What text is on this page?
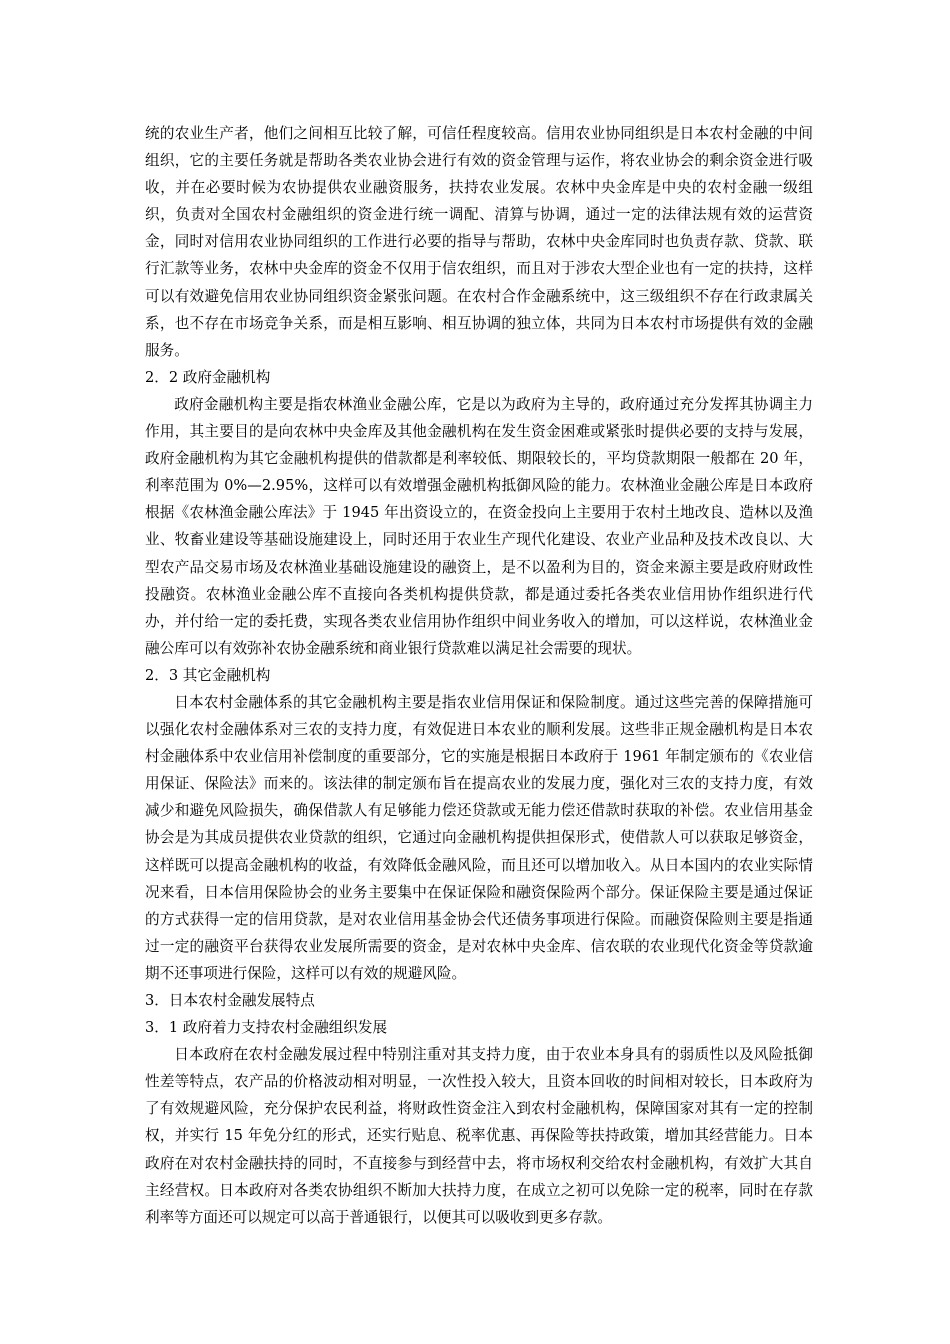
统的农业生产者，他们之间相互比较了解，可信任程度较高。信用农业协同组织是日本农村金融的中间组织，它的主要任务就是帮助各类农业协会进行有效的资金管理与运作，将农业协会的剩余资金进行吸收，并在必要时候为农协提供农业融资服务，扶持农业发展。农林中央金库是中央的农村金融一级组织，负责对全国农村金融组织的资金进行统一调配、清算与协调，通过一定的法律法规有效的运营资金，同时对信用农业协同组织的工作进行必要的指导与帮助，农林中央金库同时也负责存款、贷款、联行汇款等业务，农林中央金库的资金不仅用于信农组织，而且对于涉农大型企业也有一定的扶持，这样可以有效避免信用农业协同组织资金紧张问题。在农村合作金融系统中，这三级组织不存在行政隶属关系，也不存在市场竞争关系，而是相互影响、相互协调的独立体，共同为日本农村市场提供有效的金融服务。

2．2 政府金融机构

政府金融机构主要是指农林渔业金融公库，它是以为政府为主导的，政府通过充分发挥其协调主力作用，其主要目的是向农林中央金库及其他金融机构在发生资金困难或紧张时提供必要的支持与发展，政府金融机构为其它金融机构提供的借款都是利率较低、期限较长的，平均贷款期限一般都在 20 年，利率范围为 0%—2.95%，这样可以有效增强金融机构抵御风险的能力。农林渔业金融公库是日本政府根据《农林渔金融公库法》于 1945 年出资设立的，在资金投向上主要用于农村土地改良、造林以及渔业、牧畜业建设等基础设施建设上，同时还用于农业生产现代化建设、农业产业品种及技术改良以、大型农产品交易市场及农林渔业基础设施建设的融资上，是不以盈利为目的，资金来源主要是政府财政性投融资。农林渔业金融公库不直接向各类机构提供贷款，都是通过委托各类农业信用协作组织进行代办，并付给一定的委托费，实现各类农业信用协作组织中间业务收入的增加，可以这样说，农林渔业金融公库可以有效弥补农协金融系统和商业银行贷款难以满足社会需要的现状。

2．3 其它金融机构

日本农村金融体系的其它金融机构主要是指农业信用保证和保险制度。通过这些完善的保障措施可以强化农村金融体系对三农的支持力度，有效促进日本农业的顺利发展。这些非正规金融机构是日本农村金融体系中农业信用补偿制度的重要部分，它的实施是根据日本政府于 1961 年制定颁布的《农业信用保证、保险法》而来的。该法律的制定颁布旨在提高农业的发展力度，强化对三农的支持力度，有效减少和避免风险损失，确保借款人有足够能力偿还贷款或无能力偿还借款时获取的补偿。农业信用基金协会是为其成员提供农业贷款的组织，它通过向金融机构提供担保形式，使借款人可以获取足够资金，这样既可以提高金融机构的收益，有效降低金融风险，而且还可以增加收入。从日本国内的农业实际情况来看，日本信用保险协会的业务主要集中在保证保险和融资保险两个部分。保证保险主要是通过保证的方式获得一定的信用贷款，是对农业信用基金协会代还债务事项进行保险。而融资保险则主要是指通过一定的融资平台获得农业发展所需要的资金，是对农林中央金库、信农联的农业现代化资金等贷款逾期不还事项进行保险，这样可以有效的规避风险。

3．日本农村金融发展特点

3．1 政府着力支持农村金融组织发展

日本政府在农村金融发展过程中特别注重对其支持力度，由于农业本身具有的弱质性以及风险抵御性差等特点，农产品的价格波动相对明显，一次性投入较大，且资本回收的时间相对较长，日本政府为了有效规避风险，充分保护农民利益，将财政性资金注入到农村金融机构，保障国家对其有一定的控制权，并实行 15 年免分红的形式，还实行贴息、税率优惠、再保险等扶持政策，增加其经营能力。日本政府在对农村金融扶持的同时，不直接参与到经营中去，将市场权利交给农村金融机构，有效扩大其自主经营权。日本政府对各类农协组织不断加大扶持力度，在成立之初可以免除一定的税率，同时在存款利率等方面还可以规定可以高于普通银行，以便其可以吸收到更多存款。
